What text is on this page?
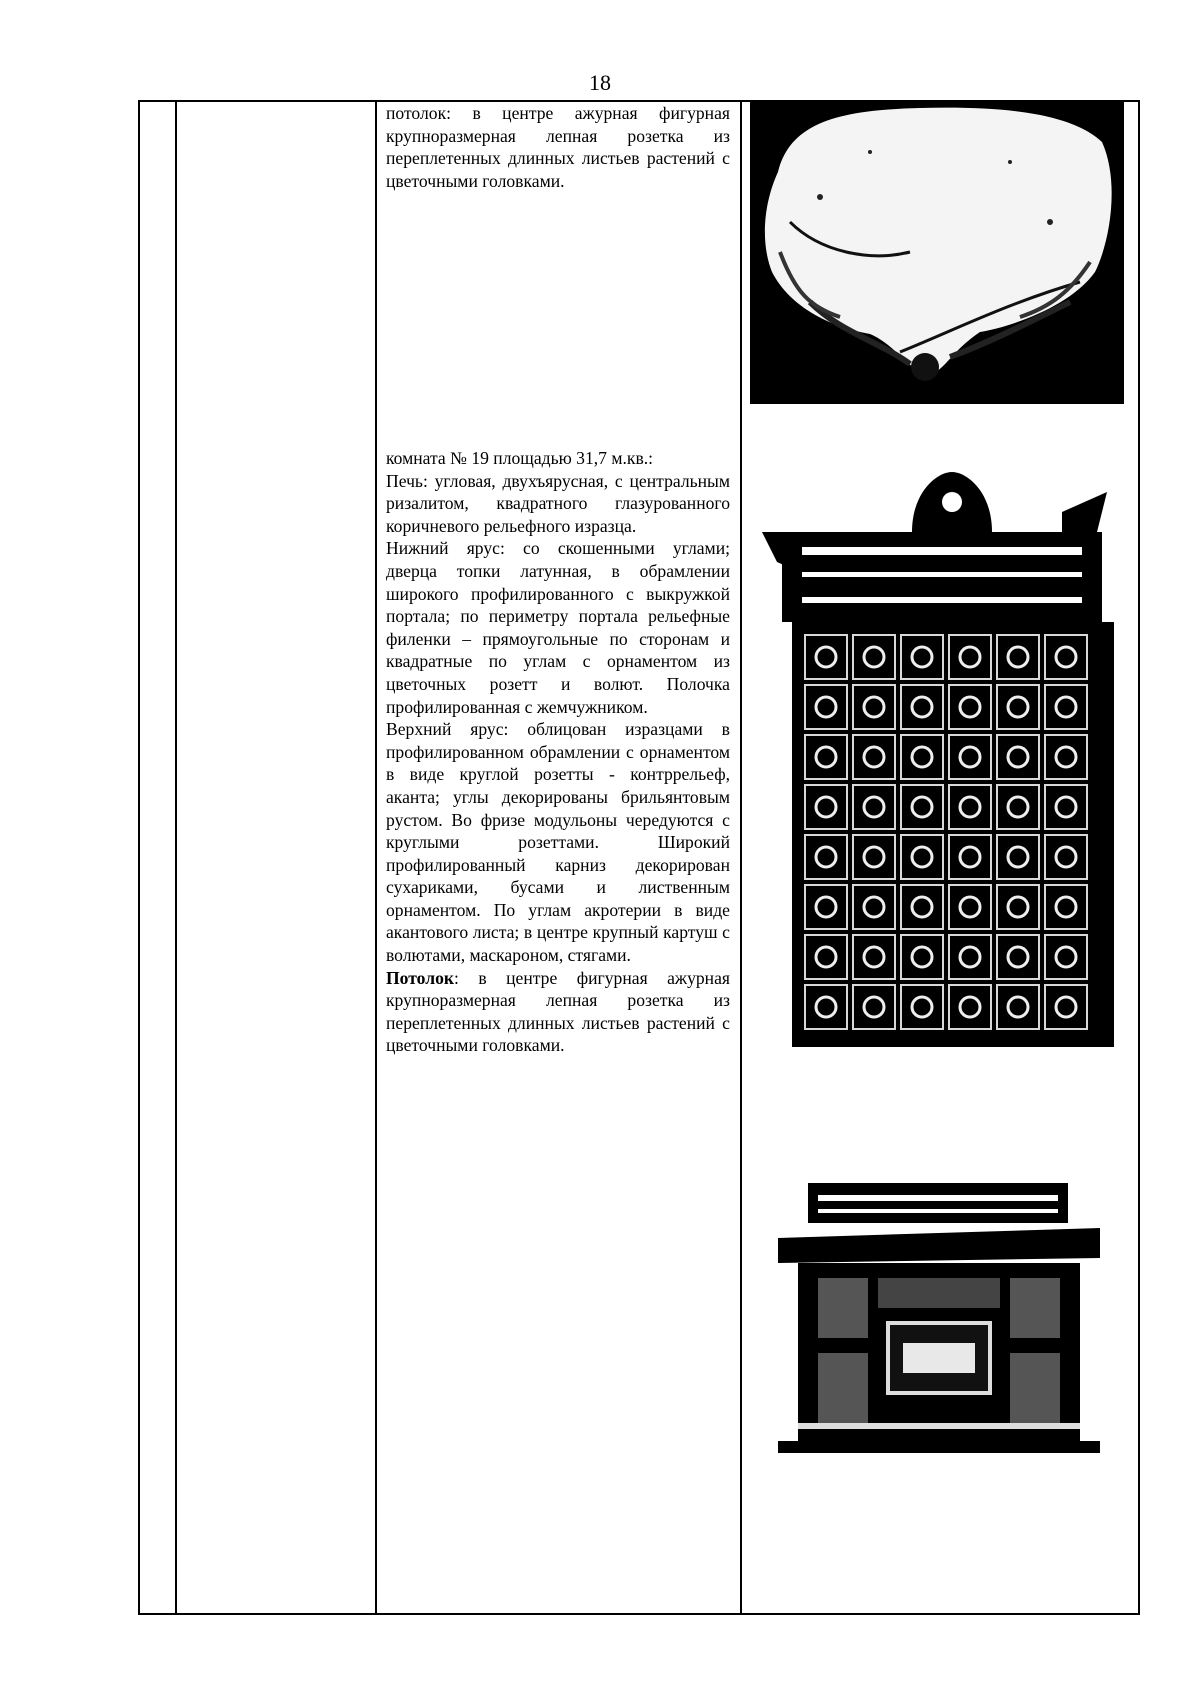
18

потолок: в центре ажурная фигурная крупноразмерная лепная розетка из переплетенных длинных листьев растений с цветочными головками.

комната № 19 площадью 31,7 м.кв.:

Печь: угловая, двухъярусная, с центральным ризалитом, квадратного глазурованного коричневого рельефного изразца.

Нижний ярус: со скошенными углами; дверца топки латунная, в обрамлении широкого профилированного с выкружкой портала; по периметру портала рельефные филенки – прямоугольные по сторонам и квадратные по углам с орнаментом из цветочных розетт и волют. Полочка профилированная с жемчужником.

Верхний ярус: облицован изразцами в профилированном обрамлении с орнаментом в виде круглой розетты - контррельеф, аканта; углы декорированы брильянтовым рустом. Во фризе модульоны чередуются с круглыми розеттами. Широкий профилированный карниз декорирован сухариками, бусами и лиственным орнаментом. По углам акротерии в виде акантового листа; в центре крупный картуш с волютами, маскароном, стягами.

Потолок: в центре фигурная ажурная крупноразмерная лепная розетка из переплетенных длинных листьев растений с цветочными головками.
